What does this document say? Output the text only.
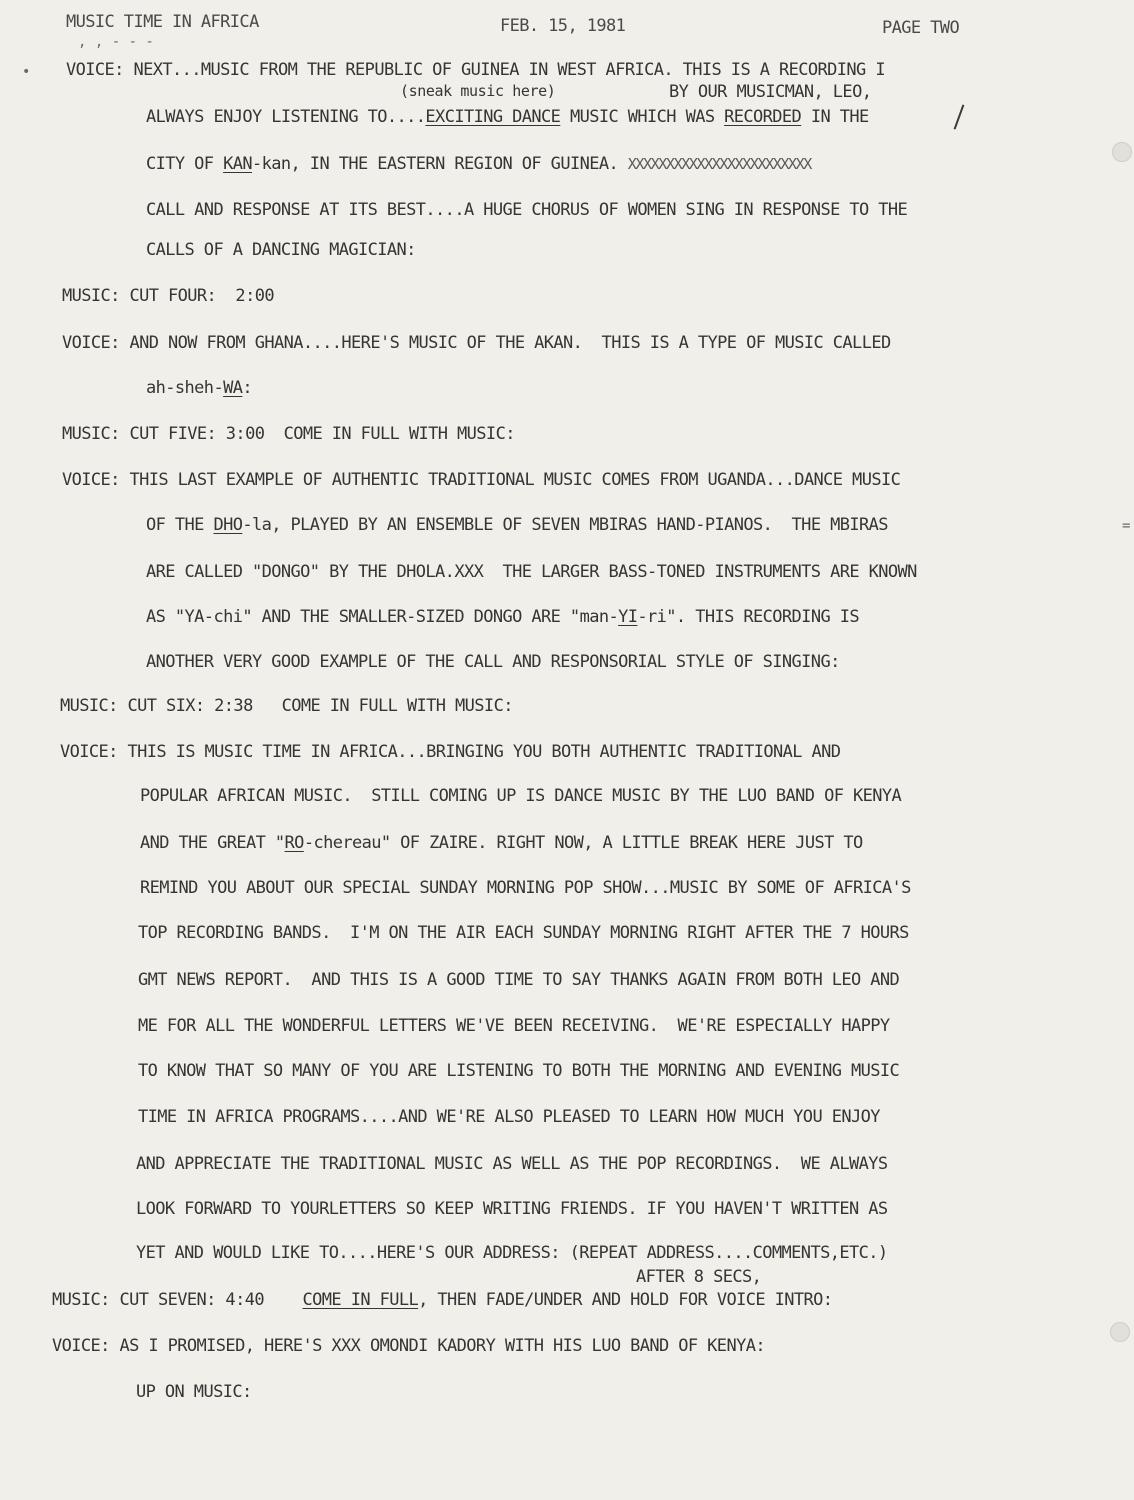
MUSIC TIME IN AFRICA	FEB. 15, 1981	PAGE TWO
, , - - -
VOICE: NEXT...MUSIC FROM THE REPUBLIC OF GUINEA IN WEST AFRICA. THIS IS A RECORDING I
(sneak music here)	BY OUR MUSICMAN, LEO,
ALWAYS ENJOY LISTENING TO....EXCITING DANCE MUSIC WHICH WAS RECORDED IN THE
CITY OF KAN-kan, IN THE EASTERN REGION OF GUINEA. XXXXXXXXXXXXXXXXXXXXXXXX
CALL AND RESPONSE AT ITS BEST....A HUGE CHORUS OF WOMEN SING IN RESPONSE TO THE
CALLS OF A DANCING MAGICIAN:
MUSIC: CUT FOUR:  2:00
VOICE: AND NOW FROM GHANA....HERE'S MUSIC OF THE AKAN.  THIS IS A TYPE OF MUSIC CALLED
ah-sheh-WA:
MUSIC: CUT FIVE: 3:00  COME IN FULL WITH MUSIC:
VOICE: THIS LAST EXAMPLE OF AUTHENTIC TRADITIONAL MUSIC COMES FROM UGANDA...DANCE MUSIC
OF THE DHO-la, PLAYED BY AN ENSEMBLE OF SEVEN MBIRAS HAND-PIANOS.  THE MBIRAS
ARE CALLED "DONGO" BY THE DHOLA.XXX  THE LARGER BASS-TONED INSTRUMENTS ARE KNOWN
AS "YA-chi" AND THE SMALLER-SIZED DONGO ARE "man-YI-ri". THIS RECORDING IS
ANOTHER VERY GOOD EXAMPLE OF THE CALL AND RESPONSORIAL STYLE OF SINGING:
MUSIC: CUT SIX: 2:38   COME IN FULL WITH MUSIC:
VOICE: THIS IS MUSIC TIME IN AFRICA...BRINGING YOU BOTH AUTHENTIC TRADITIONAL AND
POPULAR AFRICAN MUSIC.  STILL COMING UP IS DANCE MUSIC BY THE LUO BAND OF KENYA
AND THE GREAT "RO-chereau" OF ZAIRE. RIGHT NOW, A LITTLE BREAK HERE JUST TO
REMIND YOU ABOUT OUR SPECIAL SUNDAY MORNING POP SHOW...MUSIC BY SOME OF AFRICA'S
TOP RECORDING BANDS.  I'M ON THE AIR EACH SUNDAY MORNING RIGHT AFTER THE 7 HOURS
GMT NEWS REPORT.  AND THIS IS A GOOD TIME TO SAY THANKS AGAIN FROM BOTH LEO AND
ME FOR ALL THE WONDERFUL LETTERS WE'VE BEEN RECEIVING.  WE'RE ESPECIALLY HAPPY
TO KNOW THAT SO MANY OF YOU ARE LISTENING TO BOTH THE MORNING AND EVENING MUSIC
TIME IN AFRICA PROGRAMS....AND WE'RE ALSO PLEASED TO LEARN HOW MUCH YOU ENJOY
AND APPRECIATE THE TRADITIONAL MUSIC AS WELL AS THE POP RECORDINGS.  WE ALWAYS
LOOK FORWARD TO YOURLETTERS SO KEEP WRITING FRIENDS. IF YOU HAVEN'T WRITTEN AS
YET AND WOULD LIKE TO....HERE'S OUR ADDRESS: (REPEAT ADDRESS....COMMENTS,ETC.)
AFTER 8 SECS,
MUSIC: CUT SEVEN: 4:40    COME IN FULL, THEN FADE/UNDER AND HOLD FOR VOICE INTRO:
VOICE: AS I PROMISED, HERE'S XXX OMONDI KADORY WITH HIS LUO BAND OF KENYA:
UP ON MUSIC:
=
•
